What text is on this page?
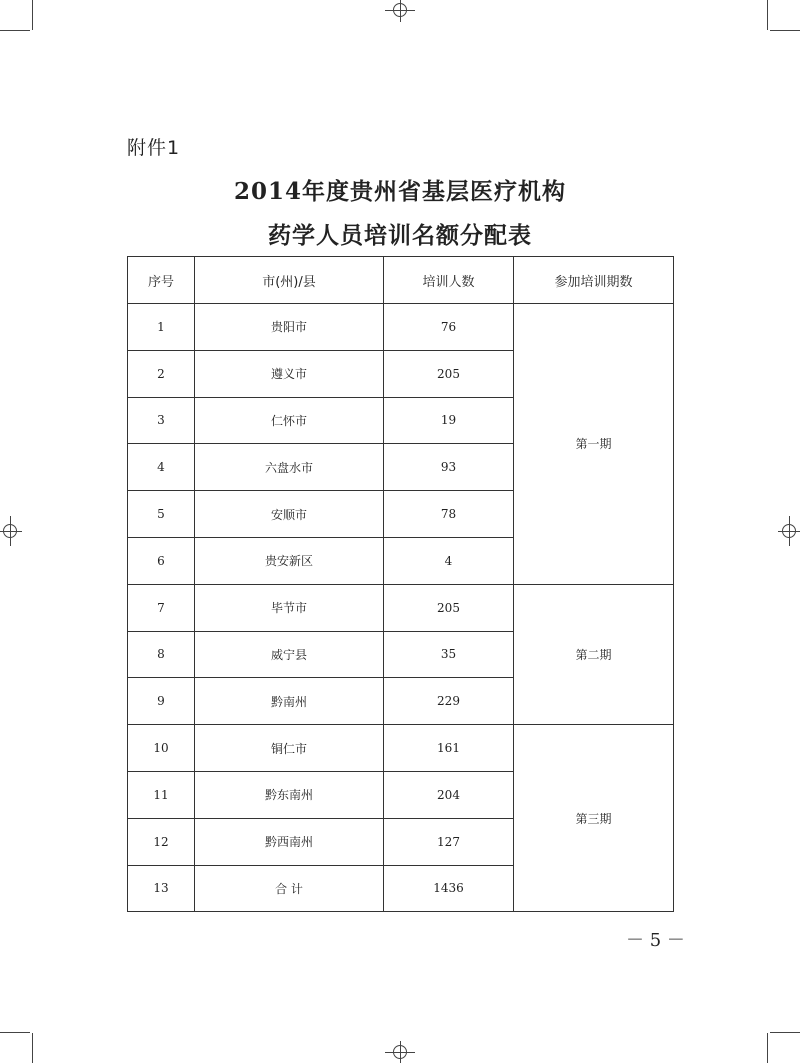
附件1
2014年度贵州省基层医疗机构
药学人员培训名额分配表
序号	市(州)/县	培训人数	参加培训期数
1	贵阳市	76	第一期
2	遵义市	205	
3	仁怀市	19	
4	六盘水市	93	
5	安顺市	78	
6	贵安新区	4	
7	毕节市	205	第二期
8	威宁县	35	
9	黔南州	229	
10	铜仁市	161	第三期
11	黔东南州	204	
12	黔西南州	127	
13	合 计	1436	
－ 5 －
